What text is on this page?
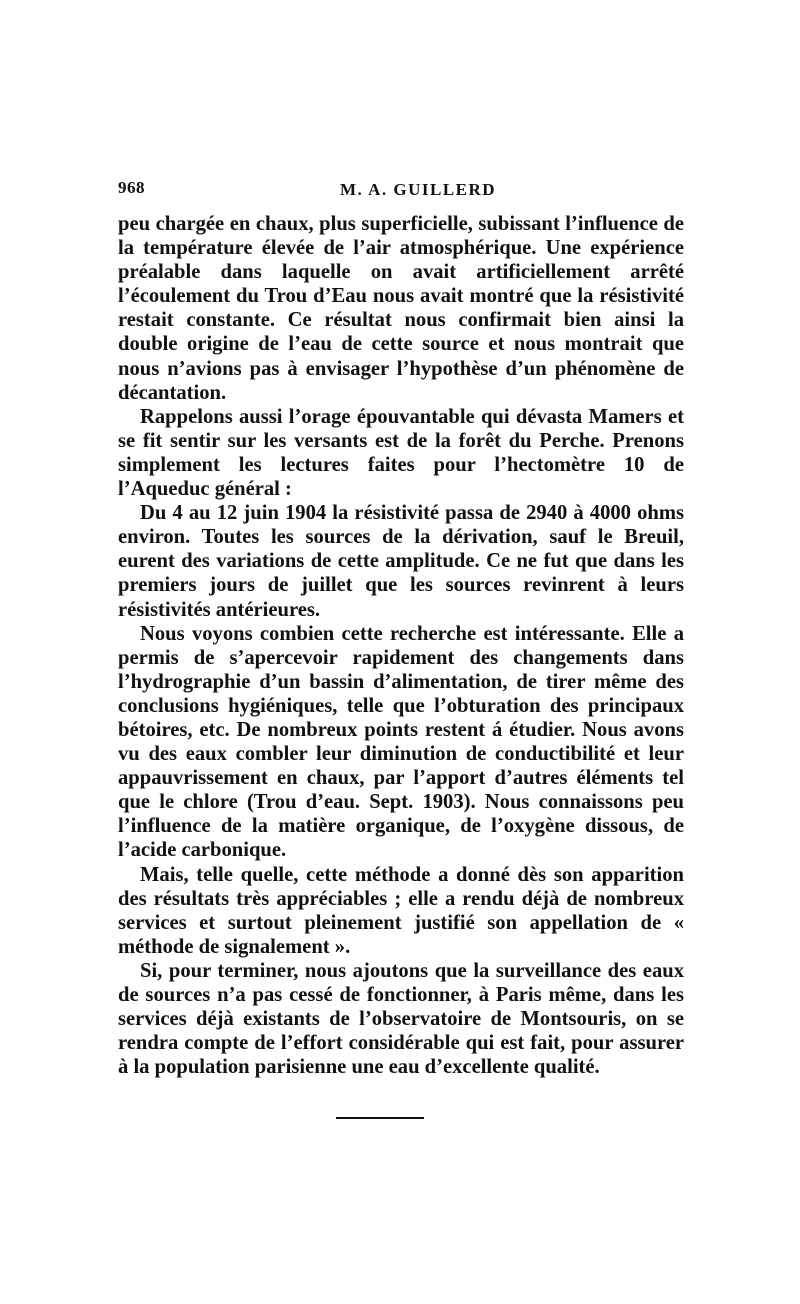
968	M. A. GUILLERD

peu chargée en chaux, plus superficielle, subissant l’influence de la température élevée de l’air atmosphérique. Une expérience préalable dans laquelle on avait artificiellement arrêté l’écoulement du Trou d’Eau nous avait montré que la résistivité restait constante. Ce résultat nous confirmait bien ainsi la double origine de l’eau de cette source et nous montrait que nous n’avions pas à envisager l’hypothèse d’un phénomène de décantation.

Rappelons aussi l’orage épouvantable qui dévasta Mamers et se fit sentir sur les versants est de la forêt du Perche. Prenons simplement les lectures faites pour l’hectomètre 10 de l’Aqueduc général :

Du 4 au 12 juin 1904 la résistivité passa de 2940 à 4000 ohms environ. Toutes les sources de la dérivation, sauf le Breuil, eurent des variations de cette amplitude. Ce ne fut que dans les premiers jours de juillet que les sources revinrent à leurs résistivités antérieures.

Nous voyons combien cette recherche est intéressante. Elle a permis de s’apercevoir rapidement des changements dans l’hydrographie d’un bassin d’alimentation, de tirer même des conclusions hygiéniques, telle que l’obturation des principaux bétoires, etc. De nombreux points restent á étudier. Nous avons vu des eaux combler leur diminution de conductibilité et leur appauvrissement en chaux, par l’apport d’autres éléments tel que le chlore (Trou d’eau. Sept. 1903). Nous connaissons peu l’influence de la matière organique, de l’oxygène dissous, de l’acide carbonique.

Mais, telle quelle, cette méthode a donné dès son apparition des résultats très appréciables ; elle a rendu déjà de nombreux services et surtout pleinement justifié son appellation de « méthode de signalement ».

Si, pour terminer, nous ajoutons que la surveillance des eaux de sources n’a pas cessé de fonctionner, à Paris même, dans les services déjà existants de l’observatoire de Montsouris, on se rendra compte de l’effort considérable qui est fait, pour assurer à la population parisienne une eau d’excellente qualité.
